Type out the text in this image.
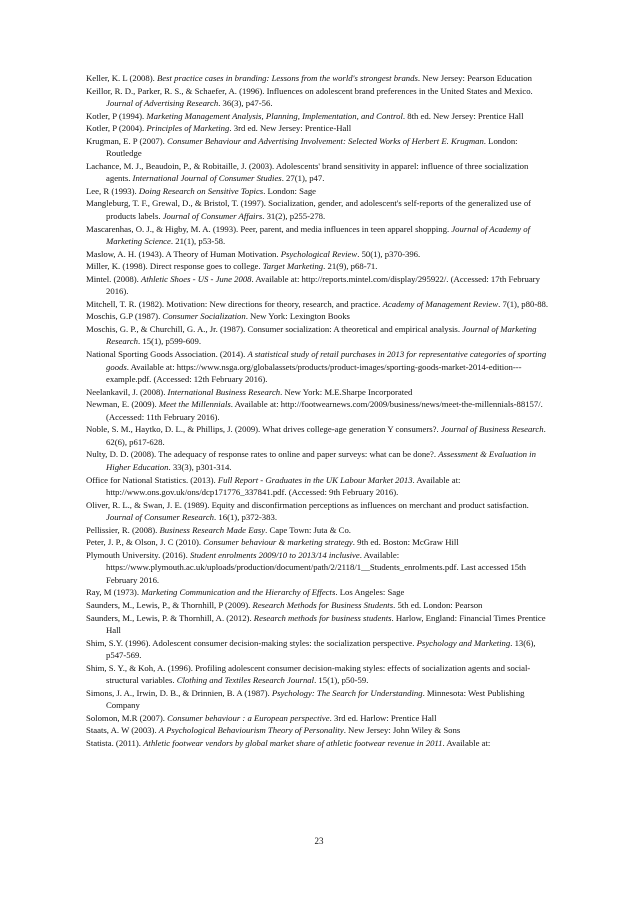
Keller, K. L (2008). Best practice cases in branding: Lessons from the world's strongest brands. New Jersey: Pearson Education

Keillor, R. D., Parker, R. S., & Schaefer, A. (1996). Influences on adolescent brand preferences in the United States and Mexico. Journal of Advertising Research. 36(3), p47-56.

Kotler, P (1994). Marketing Management Analysis, Planning, Implementation, and Control. 8th ed. New Jersey: Prentice Hall

Kotler, P (2004). Principles of Marketing. 3rd ed. New Jersey: Prentice-Hall

Krugman, E. P (2007). Consumer Behaviour and Advertising Involvement: Selected Works of Herbert E. Krugman. London: Routledge

Lachance, M. J., Beaudoin, P., & Robitaille, J. (2003). Adolescents' brand sensitivity in apparel: influence of three socialization agents. International Journal of Consumer Studies. 27(1), p47.

Lee, R (1993). Doing Research on Sensitive Topics. London: Sage

Mangleburg, T. F., Grewal, D., & Bristol, T. (1997). Socialization, gender, and adolescent's self-reports of the generalized use of products labels. Journal of Consumer Affairs. 31(2), p255-278.

Mascarenhas, O. J., & Higby, M. A. (1993). Peer, parent, and media influences in teen apparel shopping. Journal of Academy of Marketing Science. 21(1), p53-58.

Maslow, A. H. (1943). A Theory of Human Motivation. Psychological Review. 50(1), p370-396.

Miller, K. (1998). Direct response goes to college. Target Marketing. 21(9), p68-71.

Mintel. (2008). Athletic Shoes - US - June 2008. Available at: http://reports.mintel.com/display/295922/. (Accessed: 17th February 2016).

Mitchell, T. R. (1982). Motivation: New directions for theory, research, and practice. Academy of Management Review. 7(1), p80-88.

Moschis, G.P (1987). Consumer Socialization. New York: Lexington Books

Moschis, G. P., & Churchill, G. A., Jr. (1987). Consumer socialization: A theoretical and empirical analysis. Journal of Marketing Research. 15(1), p599-609.

National Sporting Goods Association. (2014). A statistical study of retail purchases in 2013 for representative categories of sporting goods. Available at: https://www.nsga.org/globalassets/products/product-images/sporting-goods-market-2014-edition---example.pdf. (Accessed: 12th February 2016).

Neelankavil, J. (2008). International Business Research. New York: M.E.Sharpe Incorporated

Newman, E. (2009). Meet the Millennials. Available at: http://footwearnews.com/2009/business/news/meet-the-millennials-88157/. (Accessed: 11th February 2016).

Noble, S. M., Haytko, D. L., & Phillips, J. (2009). What drives college-age generation Y consumers?. Journal of Business Research. 62(6), p617-628.

Nulty, D. D. (2008). The adequacy of response rates to online and paper surveys: what can be done?. Assessment & Evaluation in Higher Education. 33(3), p301-314.

Office for National Statistics. (2013). Full Report - Graduates in the UK Labour Market 2013. Available at: http://www.ons.gov.uk/ons/dcp171776_337841.pdf. (Accessed: 9th February 2016).

Oliver, R. L., & Swan, J. E. (1989). Equity and disconfirmation perceptions as influences on merchant and product satisfaction. Journal of Consumer Research. 16(1), p372-383.

Pellissier, R. (2008). Business Research Made Easy. Cape Town: Juta & Co.

Peter, J. P., & Olson, J. C (2010). Consumer behaviour & marketing strategy. 9th ed. Boston: McGraw Hill

Plymouth University. (2016). Student enrolments 2009/10 to 2013/14 inclusive. Available: https://www.plymouth.ac.uk/uploads/production/document/path/2/2118/1__Students_enrolments.pdf. Last accessed 15th February 2016.

Ray, M (1973). Marketing Communication and the Hierarchy of Effects. Los Angeles: Sage

Saunders, M., Lewis, P., & Thornhill, P (2009). Research Methods for Business Students. 5th ed. London: Pearson

Saunders, M., Lewis, P. & Thornhill, A. (2012). Research methods for business students. Harlow, England: Financial Times Prentice Hall

Shim, S.Y. (1996). Adolescent consumer decision-making styles: the socialization perspective. Psychology and Marketing. 13(6), p547-569.

Shim, S. Y., & Koh, A. (1996). Profiling adolescent consumer decision-making styles: effects of socialization agents and social-structural variables. Clothing and Textiles Research Journal. 15(1), p50-59.

Simons, J. A., Irwin, D. B., & Drinnien, B. A (1987). Psychology: The Search for Understanding. Minnesota: West Publishing Company

Solomon, M.R (2007). Consumer behaviour : a European perspective. 3rd ed. Harlow: Prentice Hall

Staats, A. W (2003). A Psychological Behaviourism Theory of Personality. New Jersey: John Wiley & Sons

Statista. (2011). Athletic footwear vendors by global market share of athletic footwear revenue in 2011. Available at:

23
